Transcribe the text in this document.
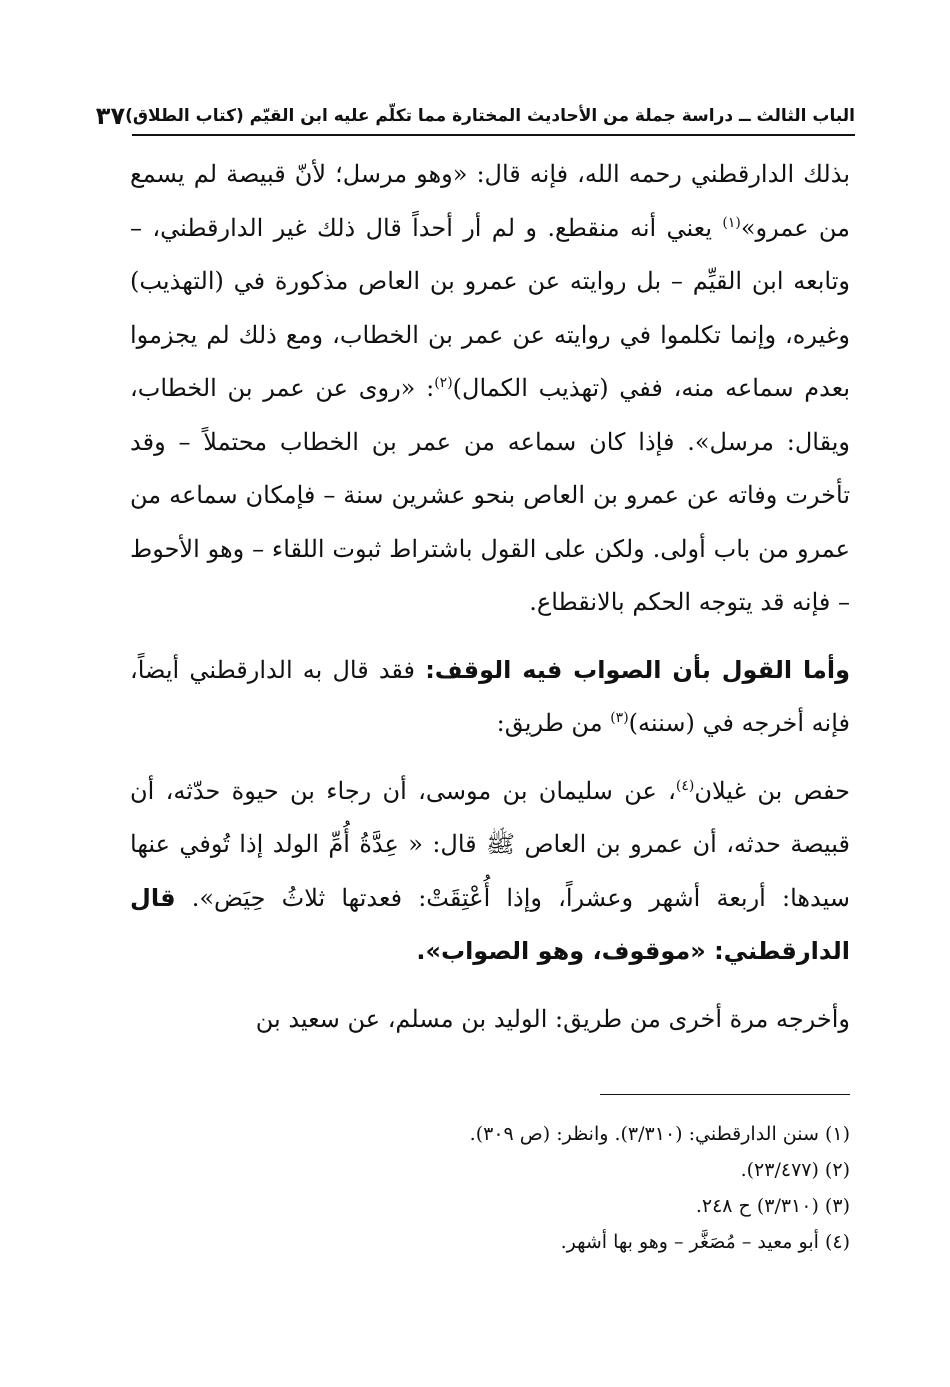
الباب الثالث ــ دراسة جملة من الأحاديث المختارة مما تكلّم عليه ابن القيّم (كتاب الطلاق)
٣٧

بذلك الدارقطني رحمه الله، فإنه قال: «وهو مرسل؛ لأنّ قبيصة لم يسمع من عمرو»$^{(١)}$ يعني أنه منقطع. و لم أر أحداً قال ذلك غير الدارقطني، – وتابعه ابن القيِّم – بل روايته عن عمرو بن العاص مذكورة في (التهذيب) وغيره، وإنما تكلموا في روايته عن عمر بن الخطاب، ومع ذلك لم يجزموا بعدم سماعه منه، ففي (تهذيب الكمال)$^{(٢)}$: «روى عن عمر بن الخطاب، ويقال: مرسل». فإذا كان سماعه من عمر بن الخطاب محتملاً – وقد تأخرت وفاته عن عمرو بن العاص بنحو عشرين سنة – فإمكان سماعه من عمرو من باب أولى. ولكن على القول باشتراط ثبوت اللقاء – وهو الأحوط – فإنه قد يتوجه الحكم بالانقطاع.

وأما القول بأن الصواب فيه الوقف: فقد قال به الدارقطني أيضاً، فإنه أخرجه في (سننه)$^{(٣)}$ من طريق:

حفص بن غيلان$^{(٤)}$، عن سليمان بن موسى، أن رجاء بن حيوة حدّثه، أن قبيصة حدثه، أن عمرو بن العاص ﷺ قال: « عِدَّةُ أُمِّ الولد إذا تُوفي عنها سيدها: أربعة أشهر وعشراً، وإذا أُعْتِقَتْ: فعدتها ثلاثُ حِيَض». قال الدارقطني: «موقوف، وهو الصواب».

وأخرجه مرة أخرى من طريق: الوليد بن مسلم، عن سعيد بن

(١) سنن الدارقطني: (٣/٣١٠). وانظر: (ص ٣٠٩).

(٢) (٢٣/٤٧٧).

(٣) (٣/٣١٠) ح ٢٤٨.

(٤) أبو معيد – مُصَغَّر – وهو بها أشهر.
